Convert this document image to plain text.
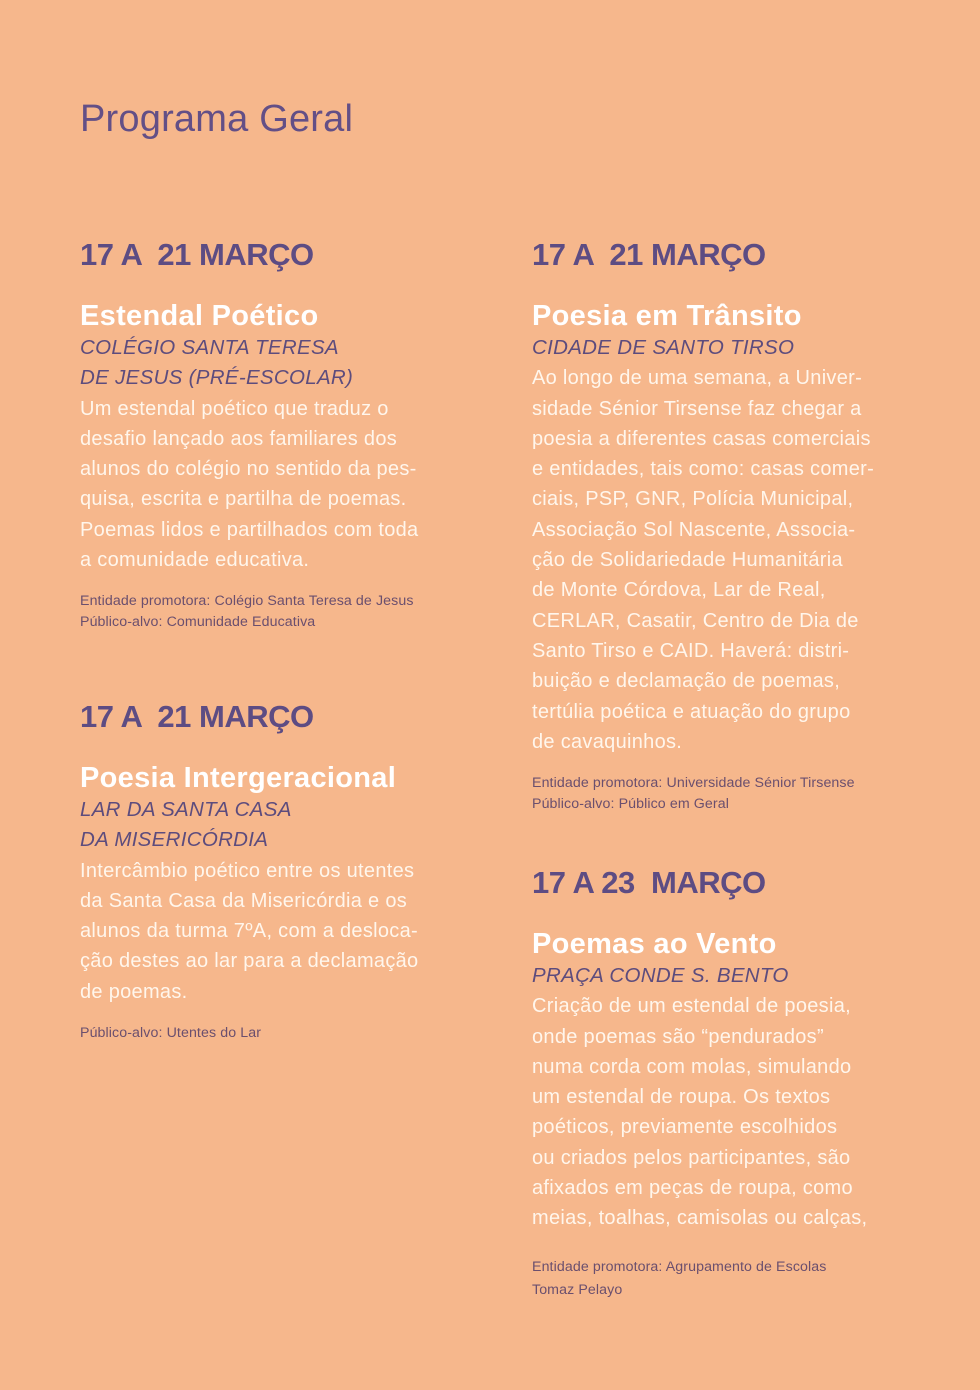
Programa Geral
17 A  21 MARÇO
Estendal Poético
COLÉGIO SANTA TERESA
DE JESUS (PRÉ-ESCOLAR)
Um estendal poético que traduz o
desafio lançado aos familiares dos
alunos do colégio no sentido da pes-
quisa, escrita e partilha de poemas.
Poemas lidos e partilhados com toda
a comunidade educativa.
Entidade promotora: Colégio Santa Teresa de Jesus
Público-alvo: Comunidade Educativa
17 A  21 MARÇO
Poesia Intergeracional
LAR DA SANTA CASA
DA MISERICÓRDIA
Intercâmbio poético entre os utentes
da Santa Casa da Misericórdia e os
alunos da turma 7ºA, com a desloca-
ção destes ao lar para a declamação
de poemas.
Público-alvo: Utentes do Lar
17 A  21 MARÇO
Poesia em Trânsito
CIDADE DE SANTO TIRSO
Ao longo de uma semana, a Univer-
sidade Sénior Tirsense faz chegar a
poesia a diferentes casas comerciais
e entidades, tais como: casas comer-
ciais, PSP, GNR, Polícia Municipal,
Associação Sol Nascente, Associa-
ção de Solidariedade Humanitária
de Monte Córdova, Lar de Real,
CERLAR, Casatir, Centro de Dia de
Santo Tirso e CAID. Haverá: distri-
buição e declamação de poemas,
tertúlia poética e atuação do grupo
de cavaquinhos.
Entidade promotora: Universidade Sénior Tirsense
Público-alvo: Público em Geral
17 A 23  MARÇO
Poemas ao Vento
PRAÇA CONDE S. BENTO
Criação de um estendal de poesia,
onde poemas são “pendurados”
numa corda com molas, simulando
um estendal de roupa. Os textos
poéticos, previamente escolhidos
ou criados pelos participantes, são
afixados em peças de roupa, como
meias, toalhas, camisolas ou calças,
Entidade promotora: Agrupamento de Escolas
Tomaz Pelayo
